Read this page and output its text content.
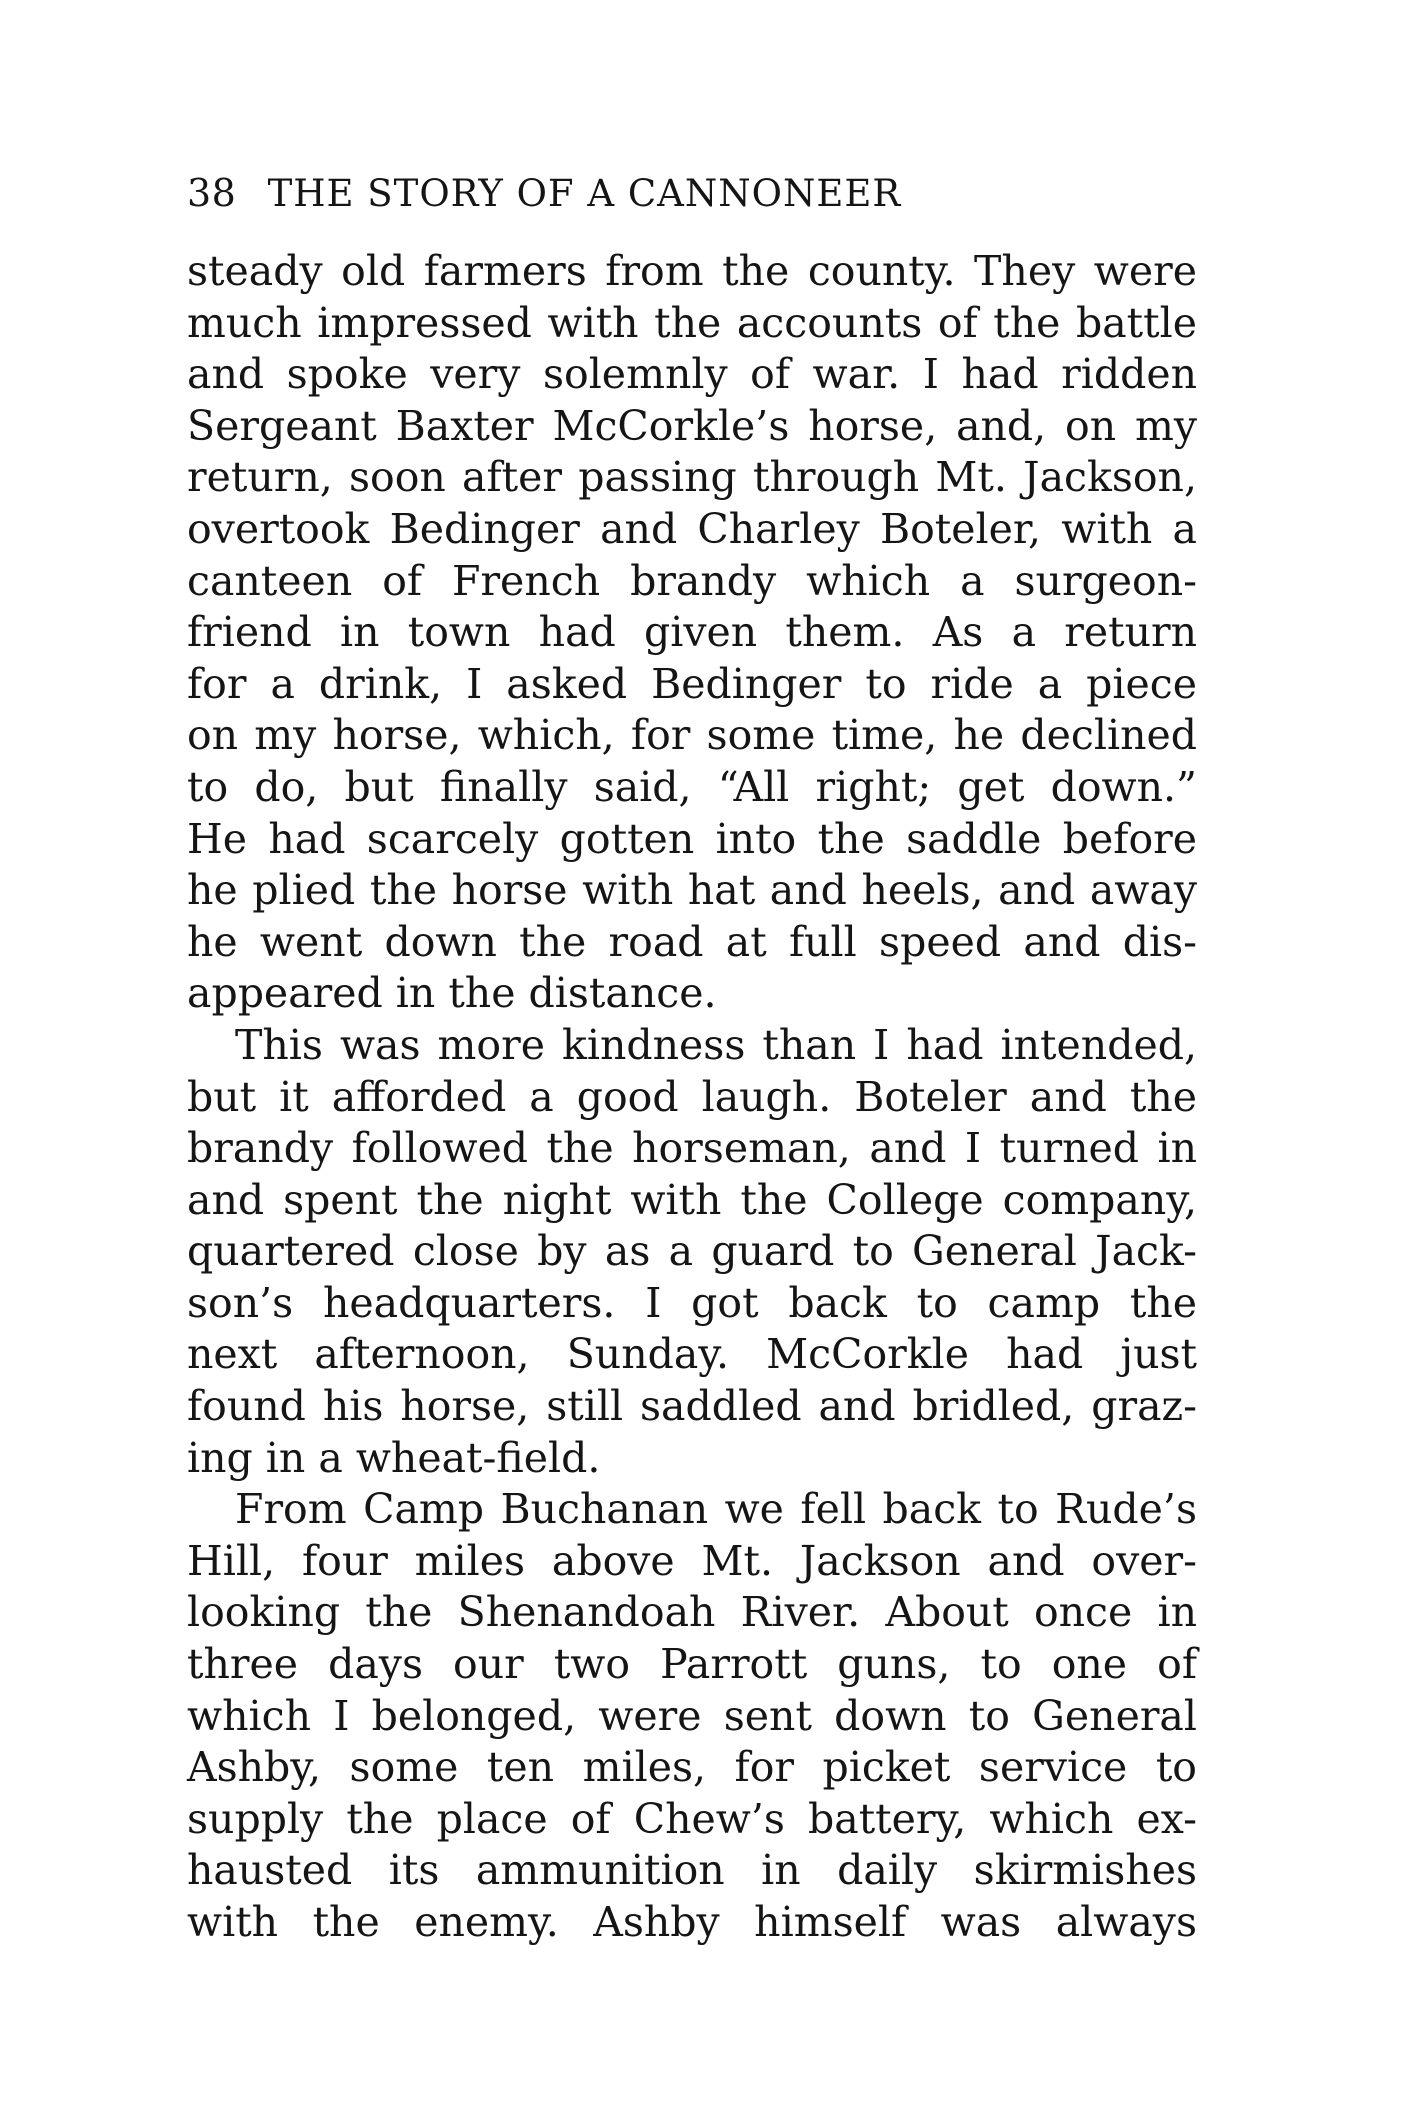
38 THE STORY OF A CANNONEER
steady old farmers from the county. They were
much impressed with the accounts of the battle
and spoke very solemnly of war. I had ridden
Sergeant Baxter McCorkle’s horse, and, on my
return, soon after passing through Mt. Jackson,
overtook Bedinger and Charley Boteler, with a
canteen of French brandy which a surgeon-
friend in town had given them. As a return
for a drink, I asked Bedinger to ride a piece
on my horse, which, for some time, he declined
to do, but finally said, “All right; get down.”
He had scarcely gotten into the saddle before
he plied the horse with hat and heels, and away
he went down the road at full speed and dis-
appeared in the distance.
This was more kindness than I had intended,
but it afforded a good laugh. Boteler and the
brandy followed the horseman, and I turned in
and spent the night with the College company,
quartered close by as a guard to General Jack-
son’s headquarters. I got back to camp the
next afternoon, Sunday. McCorkle had just
found his horse, still saddled and bridled, graz-
ing in a wheat-field.
From Camp Buchanan we fell back to Rude’s
Hill, four miles above Mt. Jackson and over-
looking the Shenandoah River. About once in
three days our two Parrott guns, to one of
which I belonged, were sent down to General
Ashby, some ten miles, for picket service to
supply the place of Chew’s battery, which ex-
hausted its ammunition in daily skirmishes
with the enemy. Ashby himself was always
